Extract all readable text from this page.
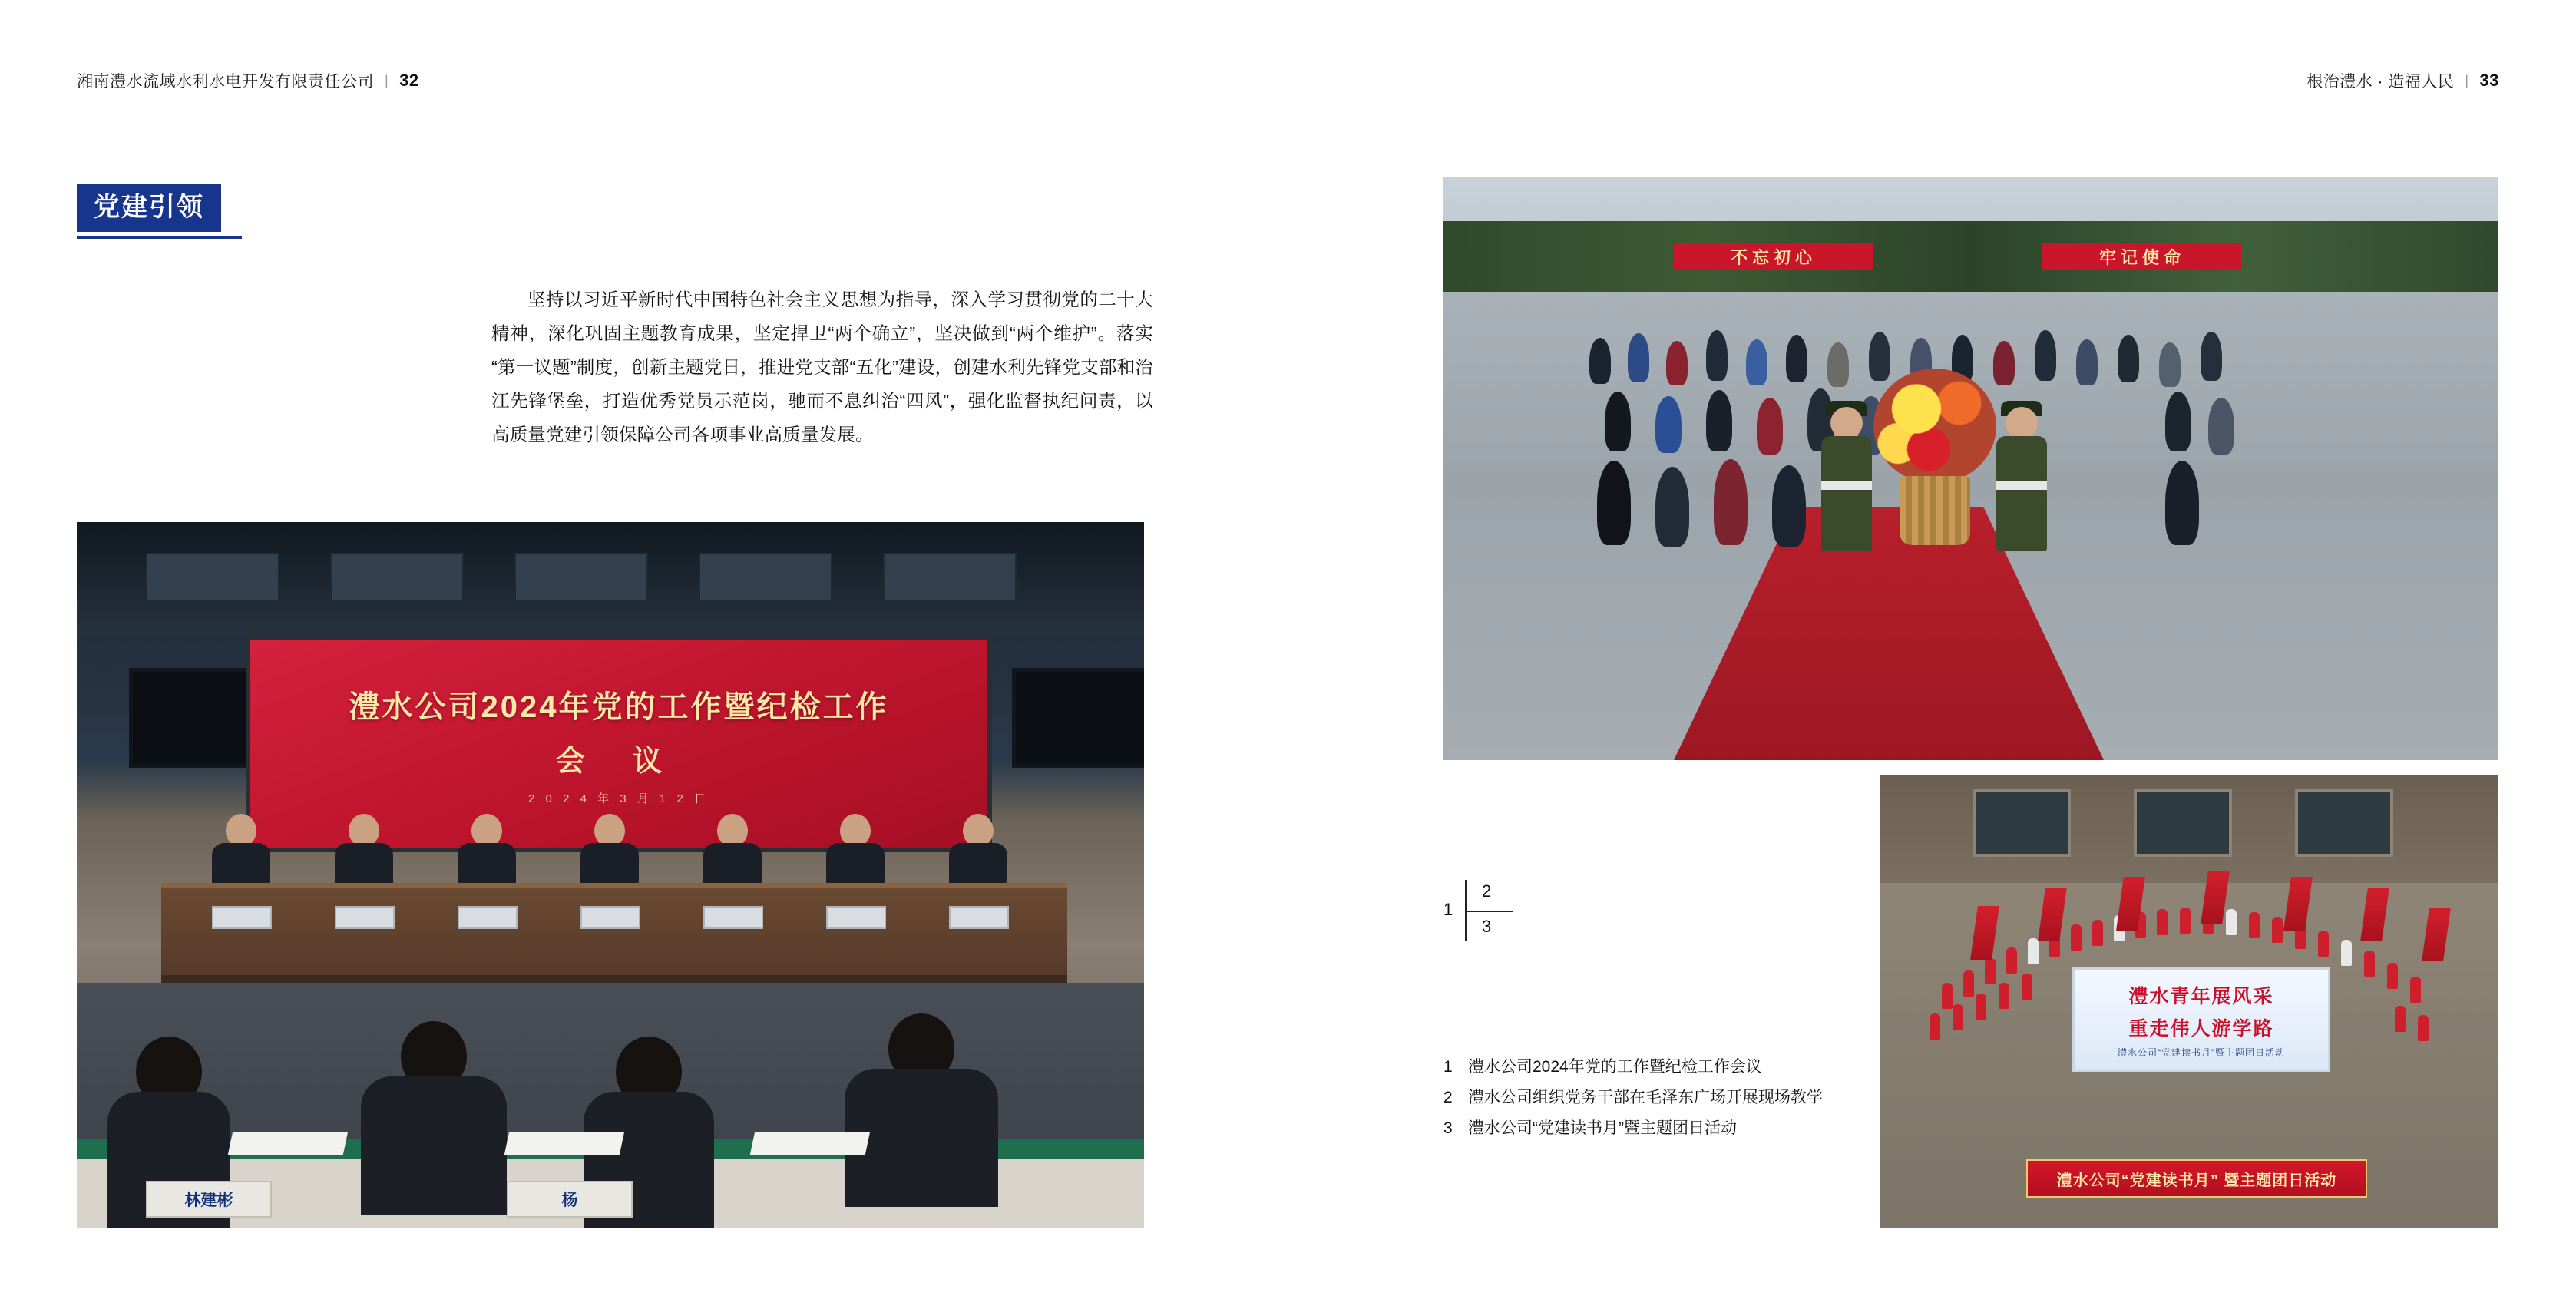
湘南澧水流域水利水电开发有限责任公司 | 32	根治澧水 · 造福人民 | 33
党建引领
坚持以习近平新时代中国特色社会主义思想为指导，深入学习贯彻党的二十大精神，深化巩固主题教育成果，坚定捍卫“两个确立”，坚决做到“两个维护”。落实“第一议题”制度，创新主题党日，推进党支部“五化”建设，创建水利先锋党支部和治江先锋堡垒，打造优秀党员示范岗，驰而不息纠治“四风”，强化监督执纪问责，以高质量党建引领保障公司各项事业高质量发展。
澧水公司2024年党的工作暨纪检工作
会 议
2 0 2 4 年 3 月 1 2 日
林建彬	杨
不忘初心	牢记使命
澧水青年展风采
重走伟人游学路
澧水公司“党建读书月”暨主题团日活动
澧水公司“党建读书月” 暨主题团日活动
1
2
3
1 澧水公司2024年党的工作暨纪检工作会议
2 澧水公司组织党务干部在毛泽东广场开展现场教学
3 澧水公司“党建读书月”暨主题团日活动
